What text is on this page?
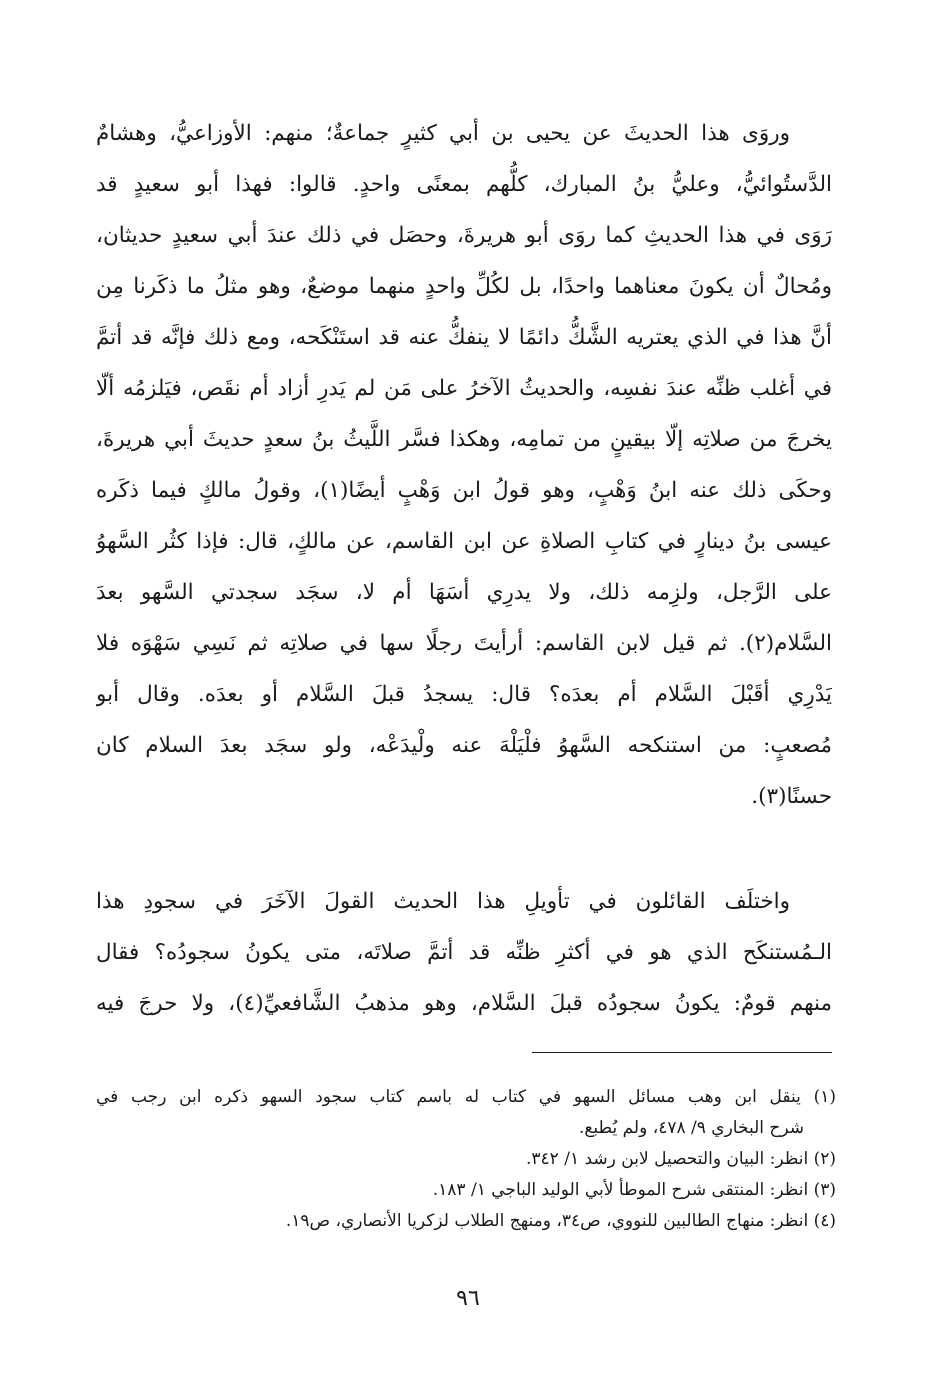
وروَى هذا الحديثَ عن يحيى بن أبي كثيرٍ جماعةٌ؛ منهم: الأوزاعيُّ، وهشامٌ
الدَّستُوائيُّ، وعليُّ بنُ المبارك، كلُّهم بمعنًى واحدٍ. قالوا: فهذا أبو سعيدٍ قد
رَوَى في هذا الحديثِ كما روَى أبو هريرةَ، وحصَل في ذلك عندَ أبي سعيدٍ حديثان،
ومُحالٌ أن يكونَ معناهما واحدًا، بل لكُلِّ واحدٍ منهما موضعٌ، وهو مثلُ ما ذكَرنا مِن
أنَّ هذا في الذي يعتريه الشَّكُّ دائمًا لا ينفكُّ عنه قد استَنْكَحه، ومع ذلك فإنَّه قد أتمَّ
في أغلب ظنِّه عندَ نفسِه، والحديثُ الآخرُ على مَن لم يَدرِ أزاد أم نقَص، فيَلزمُه ألّا
يخرجَ من صلاتِه إلّا بيقينٍ من تمامِه، وهكذا فسَّر اللَّيثُ بنُ سعدٍ حديثَ أبي هريرةَ،
وحكَى ذلك عنه ابنُ وَهْبٍ، وهو قولُ ابن وَهْبٍ أيضًا(١)، وقولُ مالكٍ فيما ذكَره
عيسى بنُ دينارٍ في كتابِ الصلاةِ عن ابن القاسم، عن مالكٍ، قال: فإذا كثُر السَّهوُ
على الرَّجل، ولزِمه ذلك، ولا يدرِي أسَهَا أم لا، سجَد سجدتي السَّهو بعدَ
السَّلام(٢). ثم قيل لابن القاسم: أرأيتَ رجلًا سها في صلاتِه ثم نَسِي سَهْوَه فلا
يَدْرِي أقَبْلَ السَّلام أم بعدَه؟ قال: يسجدُ قبلَ السَّلام أو بعدَه. وقال أبو
مُصعبٍ: من استنكحه السَّهوُ فلْيَلْهَ عنه ولْيدَعْه، ولو سجَد بعدَ السلام كان
حسنًا(٣).
واختلَف القائلون في تأويلِ هذا الحديث القولَ الآخَرَ في سجودِ هذا
الـمُستنكَح الذي هو في أكثرِ ظنِّه قد أتمَّ صلاتَه، متى يكونُ سجودُه؟ فقال
منهم قومٌ: يكونُ سجودُه قبلَ السَّلام، وهو مذهبُ الشَّافعيِّ(٤)، ولا حرجَ فيه
(١) ينقل ابن وهب مسائل السهو في كتاب له باسم كتاب سجود السهو ذكره ابن رجب في
شرح البخاري ٩/ ٤٧٨، ولم يُطبع.
(٢) انظر: البيان والتحصيل لابن رشد ١/ ٣٤٢.
(٣) انظر: المنتقى شرح الموطأ لأبي الوليد الباجي ١/ ١٨٣.
(٤) انظر: منهاج الطالبين للنووي، ص٣٤، ومنهج الطلاب لزكريا الأنصاري، ص١٩.
٩٦
